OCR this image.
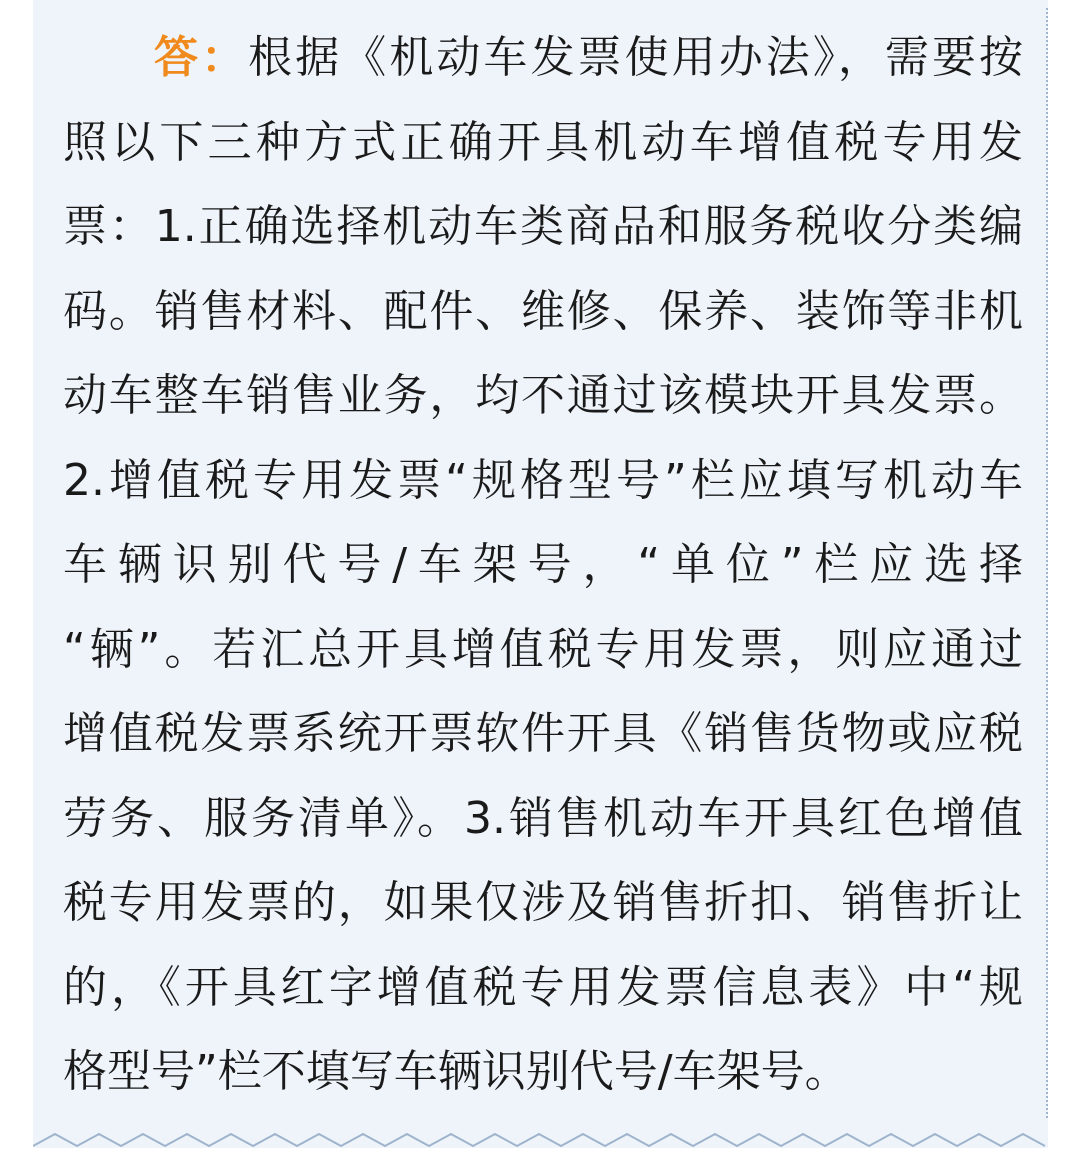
答：根据《机动车发票使用办法》，需要按
照以下三种方式正确开具机动车增值税专用发
票：1.正确选择机动车类商品和服务税收分类编
码。销售材料、配件、维修、保养、装饰等非机
动车整车销售业务，均不通过该模块开具发票。
2.增值税专用发票“规格型号”栏应填写机动车
车辆识别代号/车架号，“单位”栏应选择
“辆”。若汇总开具增值税专用发票，则应通过
增值税发票系统开票软件开具《销售货物或应税
劳务、服务清单》。3.销售机动车开具红色增值
税专用发票的，如果仅涉及销售折扣、销售折让
的，《开具红字增值税专用发票信息表》中“规
格型号”栏不填写车辆识别代号/车架号。
